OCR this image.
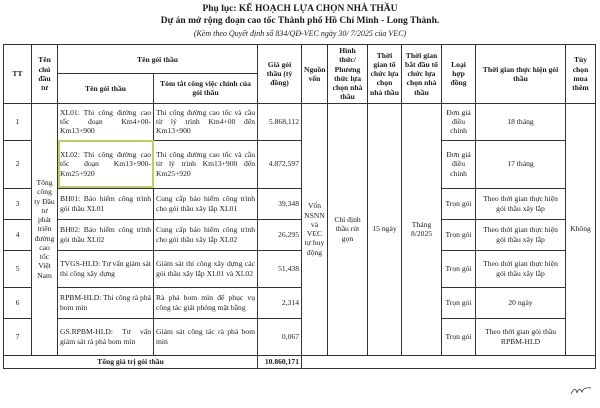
Phụ lục: KẾ HOẠCH LỰA CHỌN NHÀ THẦU
Dự án mở rộng đoạn cao tốc Thành phố Hồ Chí Minh - Long Thành.
(Kèm theo Quyết định số 834/QĐ-VEC ngày 30/ 7/2025 của VEC)
TT	Tên chủ đầu tư	Tên gói thầu		Giá gói thầu (tỷ đồng)	Nguồn vốn	Hình thức/ Phương thức lựa chọn nhà thầu	Thời gian tổ chức lựa chọn nhà thầu	Thời gian bắt đầu tổ chức lựa chọn nhà thầu	Loại hợp đồng	Thời gian thực hiện gói thầu	Tùy chọn mua thêm
		Tên gói thầu	Tóm tắt công việc chính của gói thầu								
1	Tổng công ty Đầu tư phát triển đường cao tốc Việt Nam	XL01: Thi công đường cao tốc đoạn Km4+00-Km13+900	Thi công đường cao tốc và cầu từ lý trình Km4+00 đến Km13+900	5.868,112	Vốn NSNN và VEC tự huy động	Chỉ định thầu rút gọn	15 ngày	Tháng 8/2025	Đơn giá điều chỉnh	18 tháng	Không
2		XL02: Thi công đường cao tốc đoạn Km13+900-Km25+920	Thi công đường cao tốc và cầu từ lý trình Km13+900 đến Km25+920	4.872,597					Đơn giá điều chỉnh	17 tháng	
3		BH01: Bảo hiểm công trình gói thầu XL01	Cung cấp bảo hiểm công trình cho gói thầu xây lắp XL01	39,348					Trọn gói	Theo thời gian thực hiện gói thầu xây lắp	
4		BH02: Bảo hiểm công trình gói thầu XL02	Cung cấp bảo hiểm công trình cho gói thầu xây lắp XL02	26,295					Trọn gói	Theo thời gian thực hiện gói thầu xây lắp	
5		TVGS-HLD: Tư vấn giám sát thi công xây dựng	Giám sát thi công xây dựng các gói thầu xây lắp XL01 và XL02	51,438					Trọn gói	Theo thời gian thực hiện gói thầu xây lắp	
6		RPBM-HLD: Thi công rà phá bom mìn	Rà phá bom mìn để phục vụ công tác giải phóng mặt bằng	2,314					Trọn gói	20 ngày	
7		GS.RPBM-HLD: Tư vấn giám sát rà phá bom mìn	Giám sát công tác rà phá bom mìn	0,067					Trọn gói	Theo thời gian gói thầu RPBM-HLD	
Tổng giá trị gói thầu				10.860,171							
